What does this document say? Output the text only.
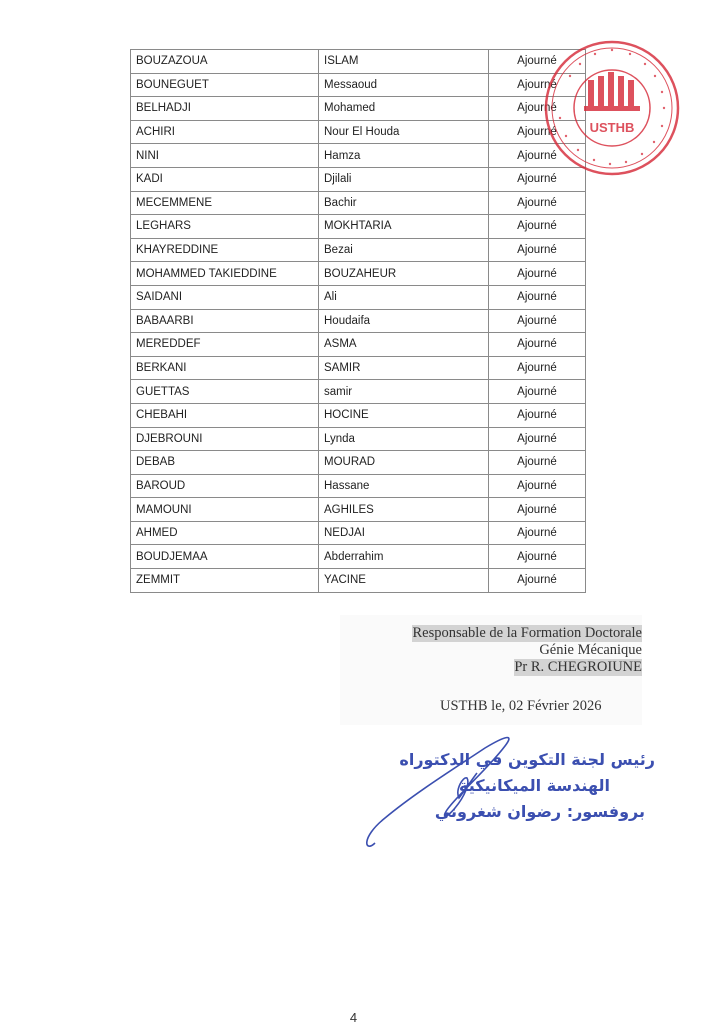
BOUZAZOUA	ISLAM	Ajourné
BOUNEGUET	Messaoud	Ajourné
BELHADJI	Mohamed	Ajourné
ACHIRI	Nour El Houda	Ajourné
NINI	Hamza	Ajourné
KADI	Djilali	Ajourné
MECEMMENE	Bachir	Ajourné
LEGHARS	MOKHTARIA	Ajourné
KHAYREDDINE	Bezai	Ajourné
MOHAMMED TAKIEDDINE	BOUZAHEUR	Ajourné
SAIDANI	Ali	Ajourné
BABAARBI	Houdaifa	Ajourné
MEREDDEF	ASMA	Ajourné
BERKANI	SAMIR	Ajourné
GUETTAS	samir	Ajourné
CHEBAHI	HOCINE	Ajourné
DJEBROUNI	Lynda	Ajourné
DEBAB	MOURAD	Ajourné
BAROUD	Hassane	Ajourné
MAMOUNI	AGHILES	Ajourné
AHMED	NEDJAI	Ajourné
BOUDJEMAA	Abderrahim	Ajourné
ZEMMIT	YACINE	Ajourné
USTHB
Responsable de la Formation Doctorale
Génie Mécanique
Pr R. CHEGROIUNE
USTHB le, 02 Février 2026
رئيس لجنة التكوين في الدكتوراه
الهندسة الميكانيكية
بروفسور: رضوان شغروني
4
